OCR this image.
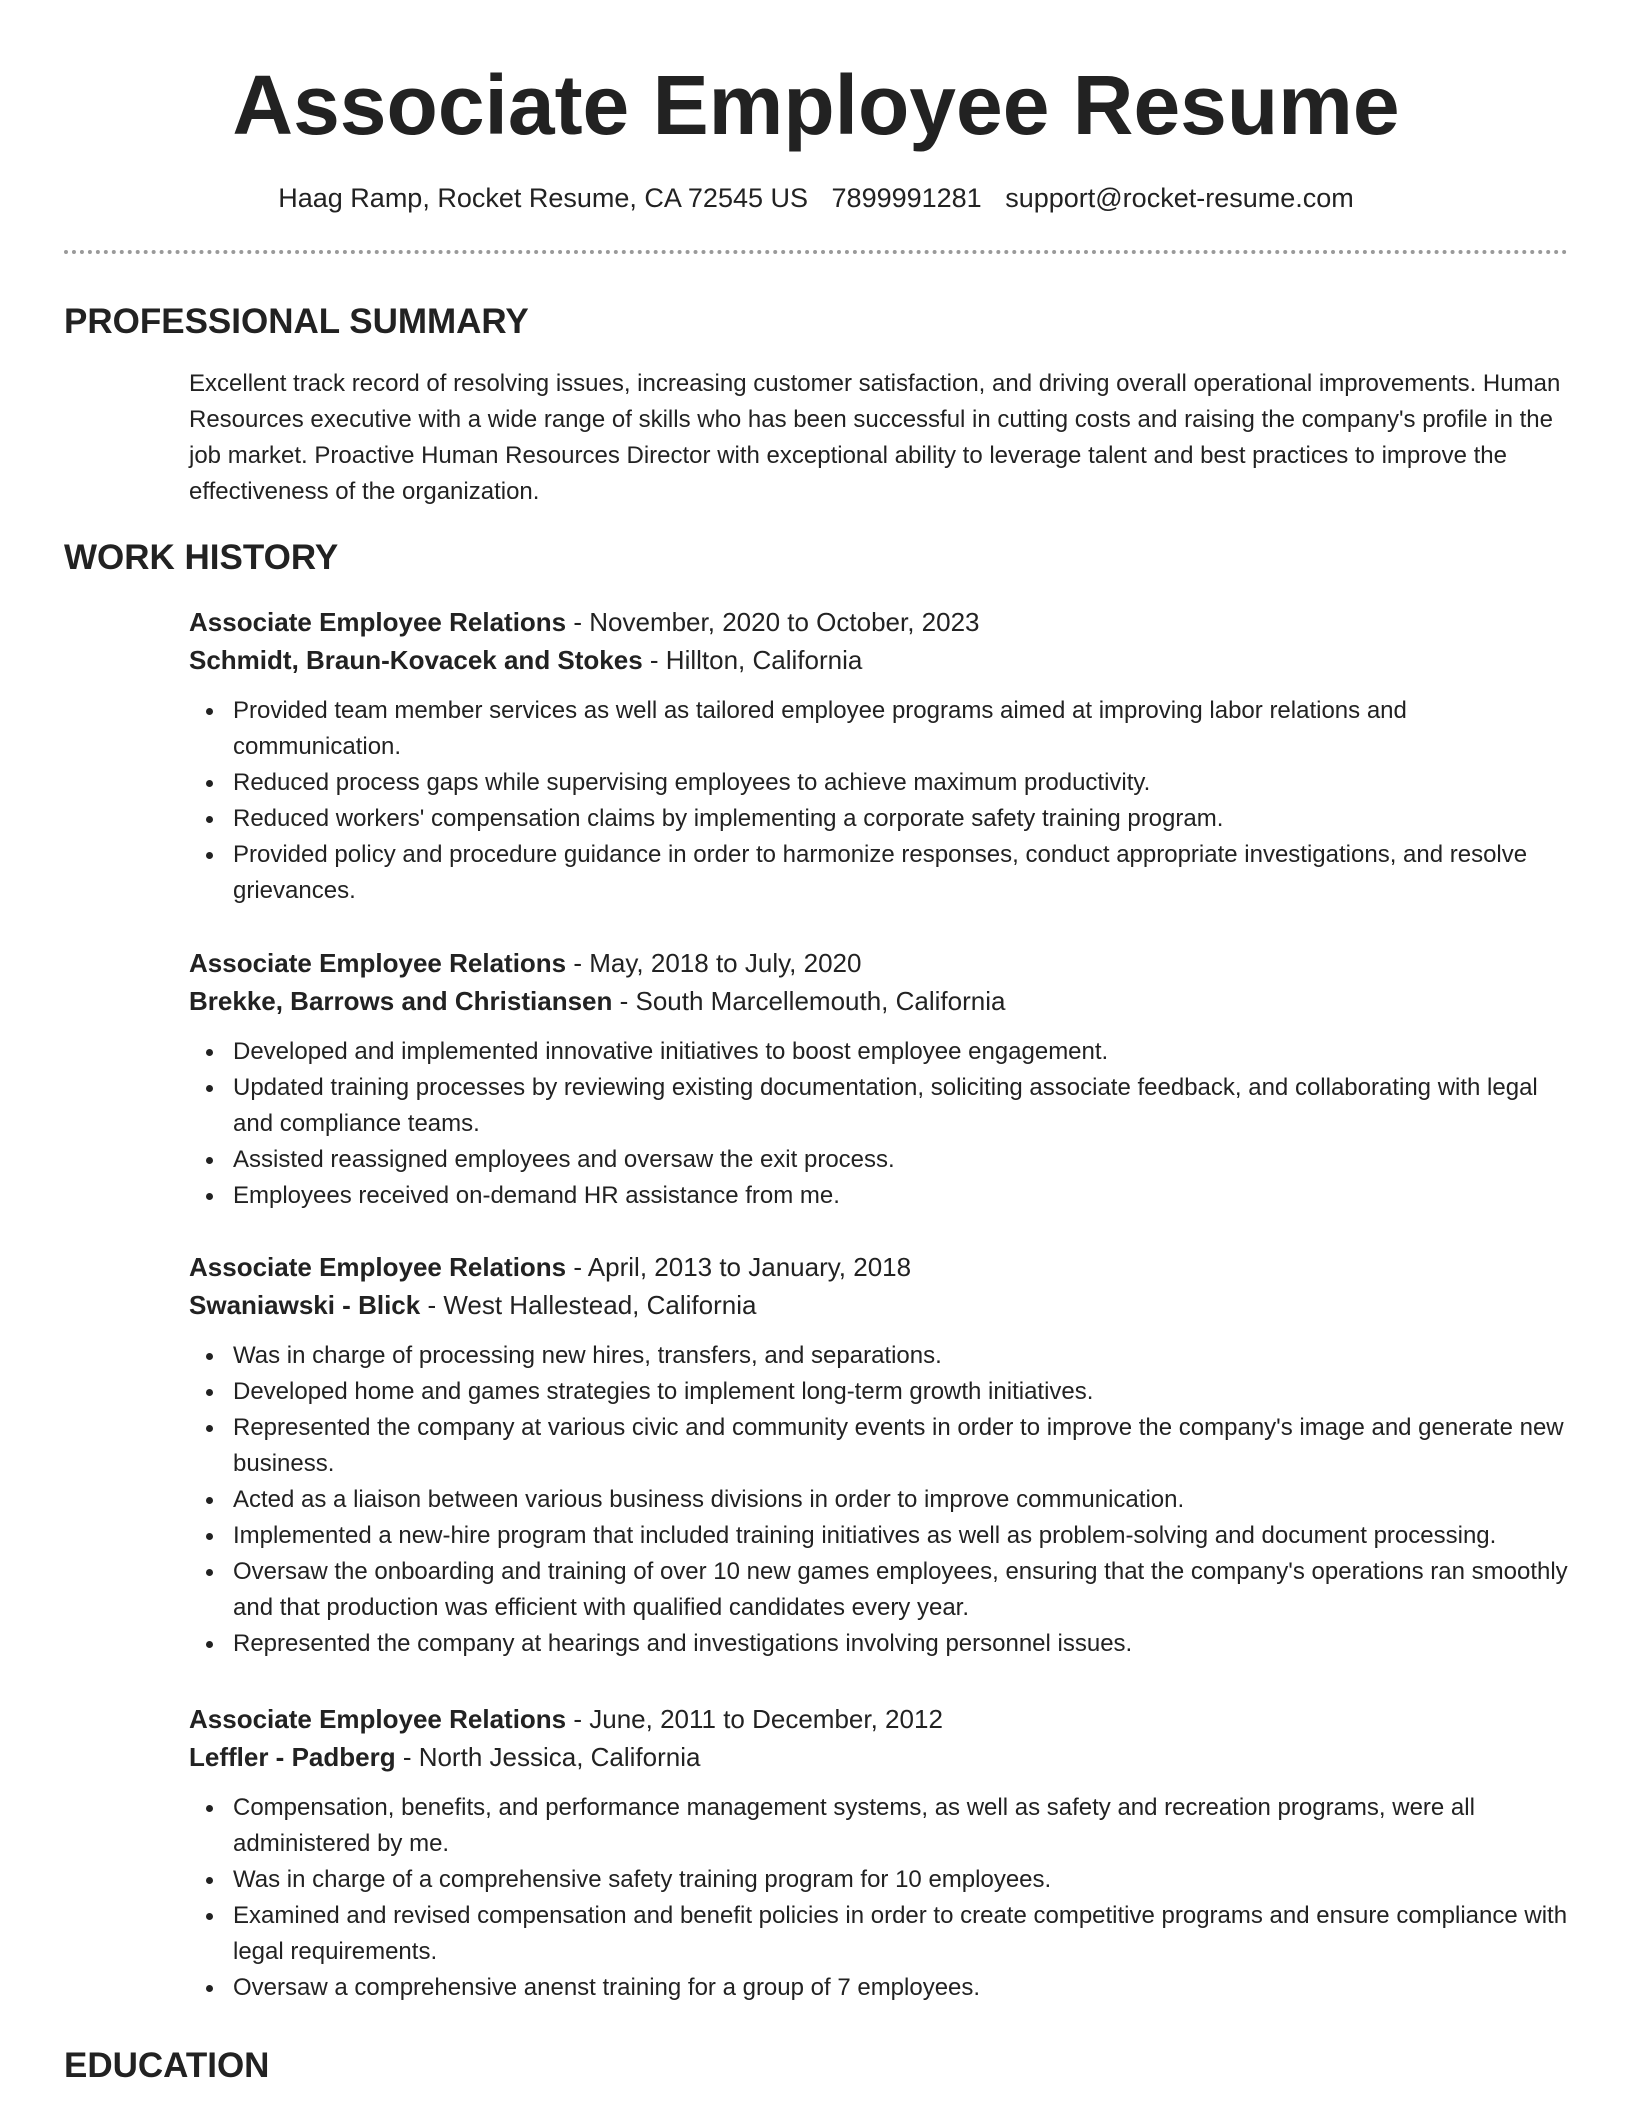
Associate Employee Resume
Haag Ramp, Rocket Resume, CA 72545 US 7899991281 support@rocket-resume.com
PROFESSIONAL SUMMARY

Excellent track record of resolving issues, increasing customer satisfaction, and driving overall operational improvements. Human Resources executive with a wide range of skills who has been successful in cutting costs and raising the company's profile in the job market. Proactive Human Resources Director with exceptional ability to leverage talent and best practices to improve the effectiveness of the organization.

WORK HISTORY

Associate Employee Relations - November, 2020 to October, 2023

Schmidt, Braun-Kovacek and Stokes - Hillton, California

Provided team member services as well as tailored employee programs aimed at improving labor relations and communication.
Reduced process gaps while supervising employees to achieve maximum productivity.
Reduced workers' compensation claims by implementing a corporate safety training program.
Provided policy and procedure guidance in order to harmonize responses, conduct appropriate investigations, and resolve grievances.

Associate Employee Relations - May, 2018 to July, 2020

Brekke, Barrows and Christiansen - South Marcellemouth, California

Developed and implemented innovative initiatives to boost employee engagement.
Updated training processes by reviewing existing documentation, soliciting associate feedback, and collaborating with legal and compliance teams.
Assisted reassigned employees and oversaw the exit process.
Employees received on-demand HR assistance from me.

Associate Employee Relations - April, 2013 to January, 2018

Swaniawski - Blick - West Hallestead, California

Was in charge of processing new hires, transfers, and separations.
Developed home and games strategies to implement long-term growth initiatives.
Represented the company at various civic and community events in order to improve the company's image and generate new business.
Acted as a liaison between various business divisions in order to improve communication.
Implemented a new-hire program that included training initiatives as well as problem-solving and document processing.
Oversaw the onboarding and training of over 10 new games employees, ensuring that the company's operations ran smoothly and that production was efficient with qualified candidates every year.
Represented the company at hearings and investigations involving personnel issues.

Associate Employee Relations - June, 2011 to December, 2012

Leffler - Padberg - North Jessica, California

Compensation, benefits, and performance management systems, as well as safety and recreation programs, were all administered by me.
Was in charge of a comprehensive safety training program for 10 employees.
Examined and revised compensation and benefit policies in order to create competitive programs and ensure compliance with legal requirements.
Oversaw a comprehensive anenst training for a group of 7 employees.
EDUCATION
